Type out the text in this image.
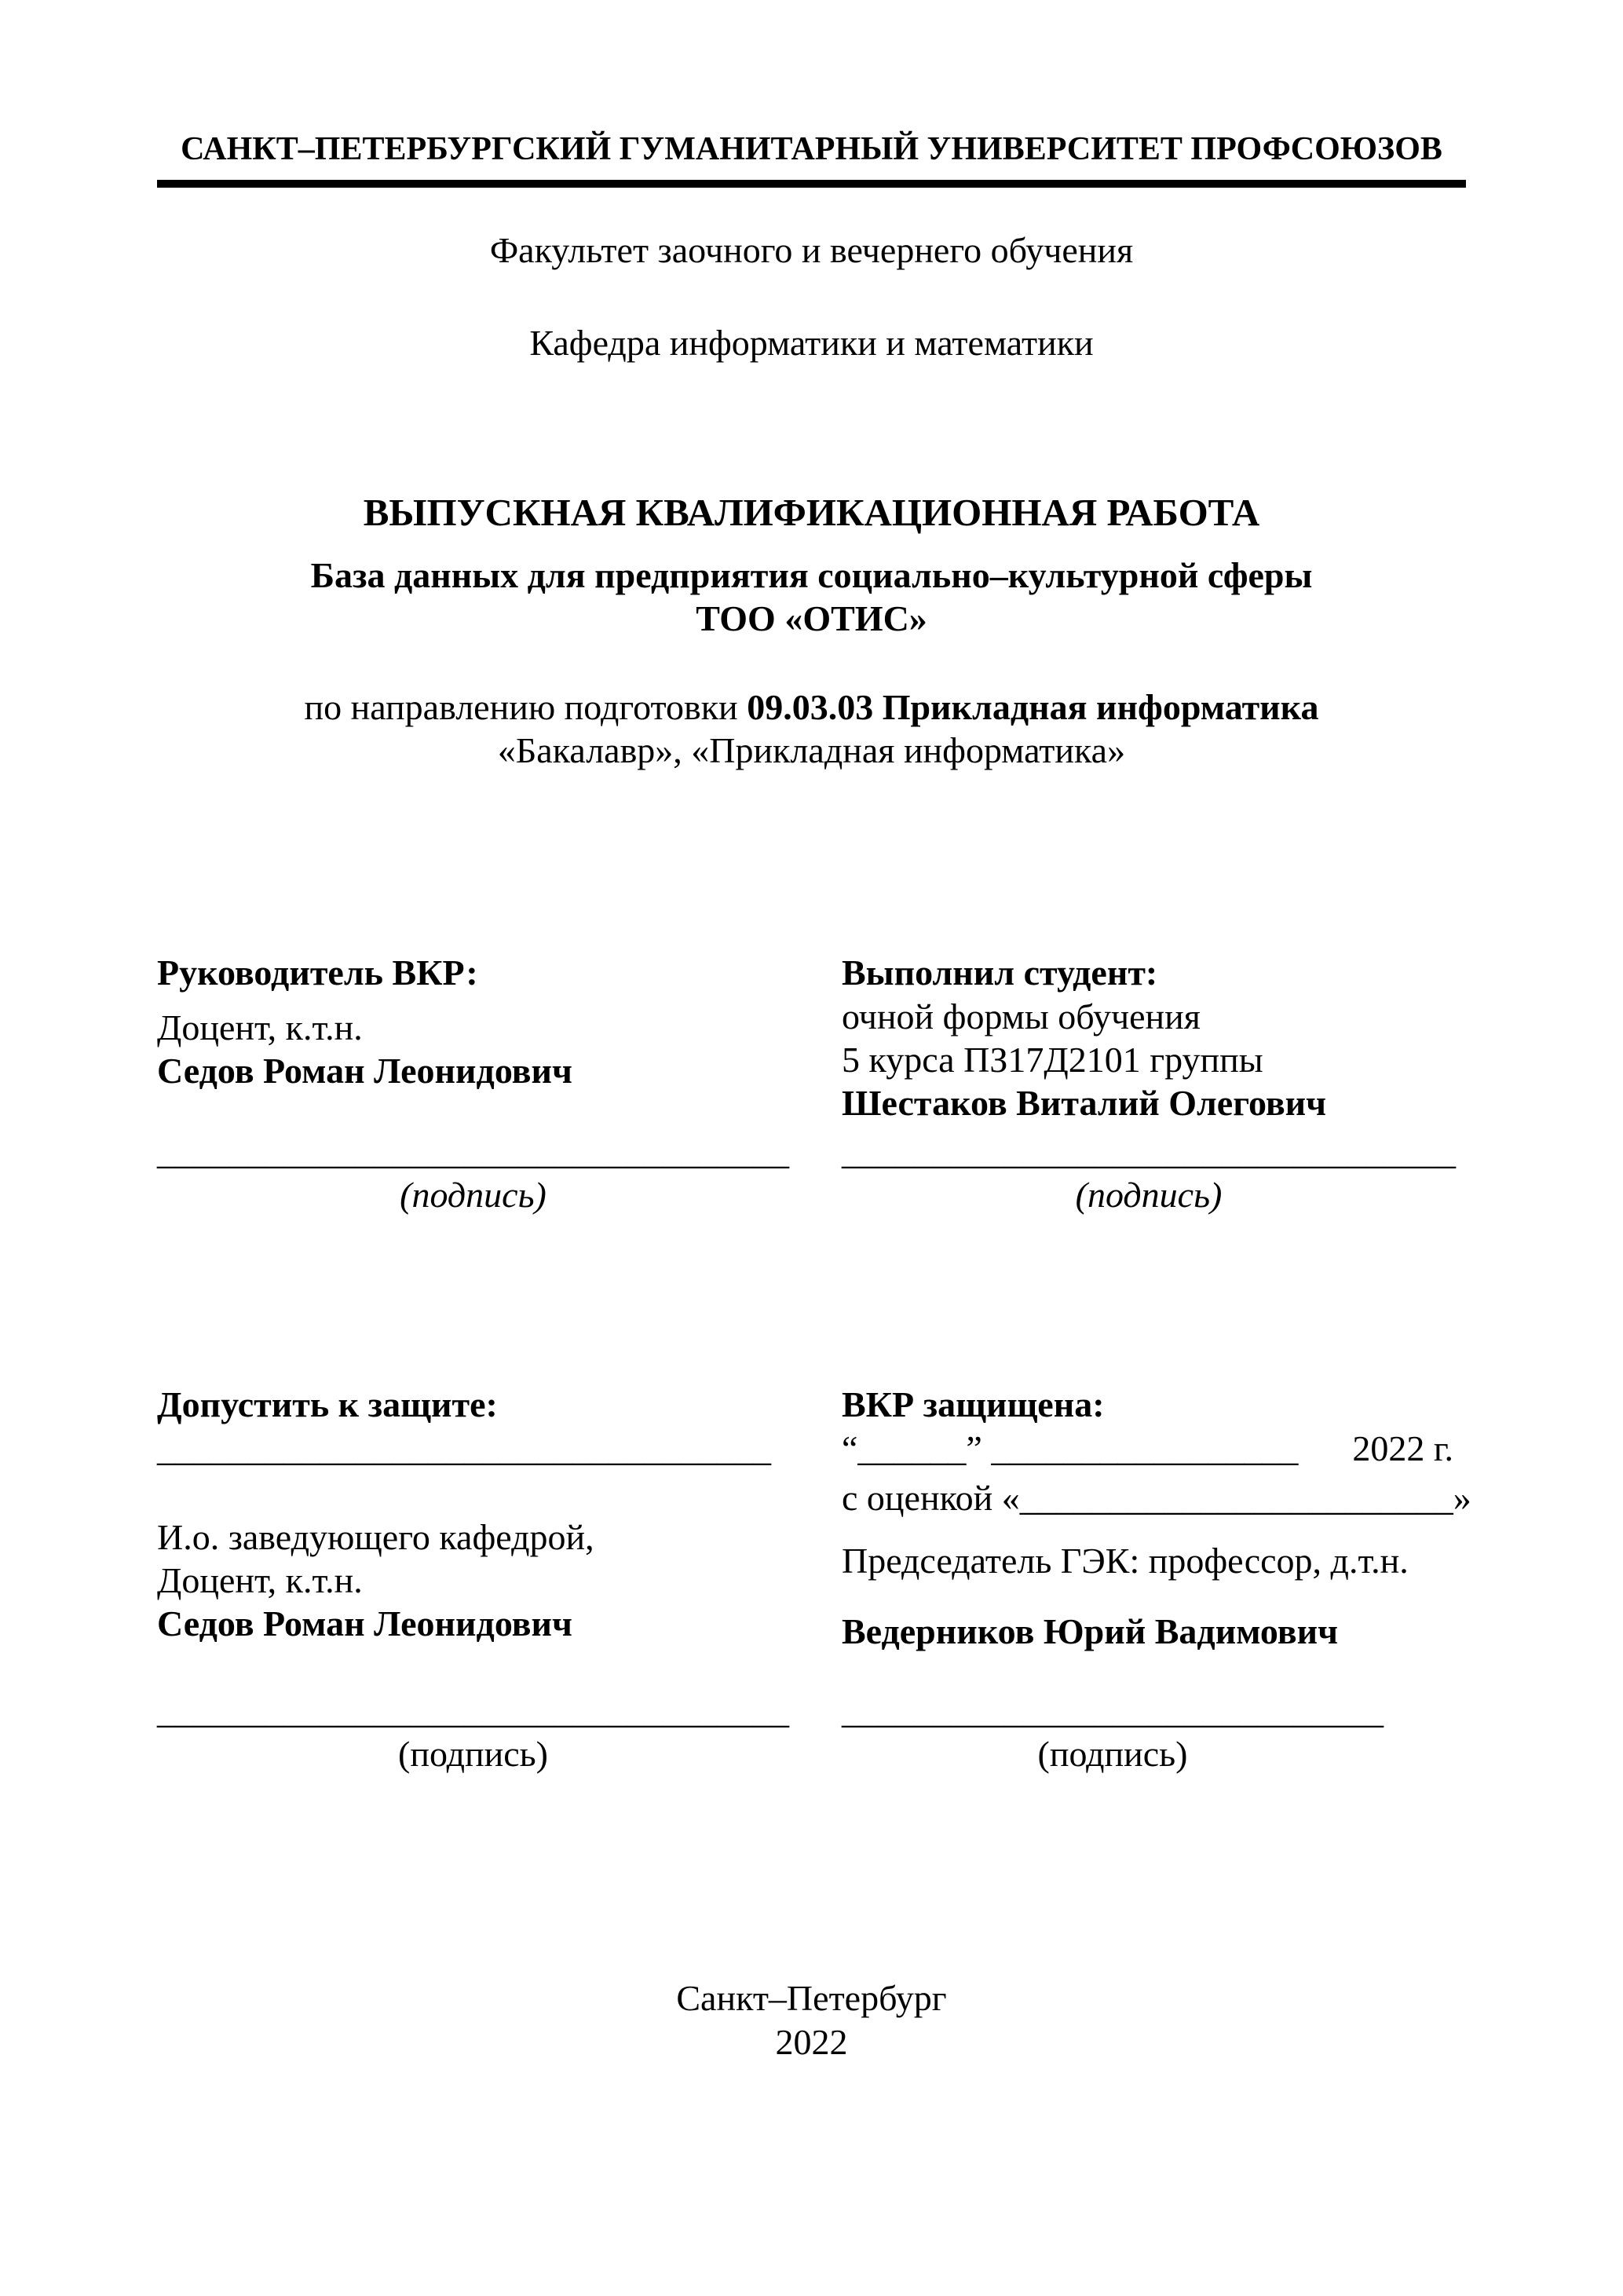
САНКТ–ПЕТЕРБУРГСКИЙ ГУМАНИТАРНЫЙ УНИВЕРСИТЕТ ПРОФСОЮЗОВ
Факультет заочного и вечернего обучения
Кафедра информатики и математики
ВЫПУСКНАЯ КВАЛИФИКАЦИОННАЯ РАБОТА
База данных для предприятия социально–культурной сферы
ТОО «ОТИС»
по направлению подготовки 09.03.03 Прикладная информатика
«Бакалавр», «Прикладная информатика»
Руководитель ВКР:
Доцент, к.т.н.
Седов Роман Леонидович
___________________________________
(подпись)
Выполнил студент:
очной формы обучения
5 курса ПЗ17Д2101 группы
Шестаков Виталий Олегович
__________________________________
(подпись)
Допустить к защите:
__________________________________
И.о. заведующего кафедрой,
Доцент, к.т.н.
Седов Роман Леонидович
___________________________________
(подпись)
ВКР защищена:
“______” _________________      2022 г.
с оценкой «________________________»
Председатель ГЭК: профессор, д.т.н.
Ведерников Юрий Вадимович
______________________________
(подпись)
Санкт–Петербург
2022
